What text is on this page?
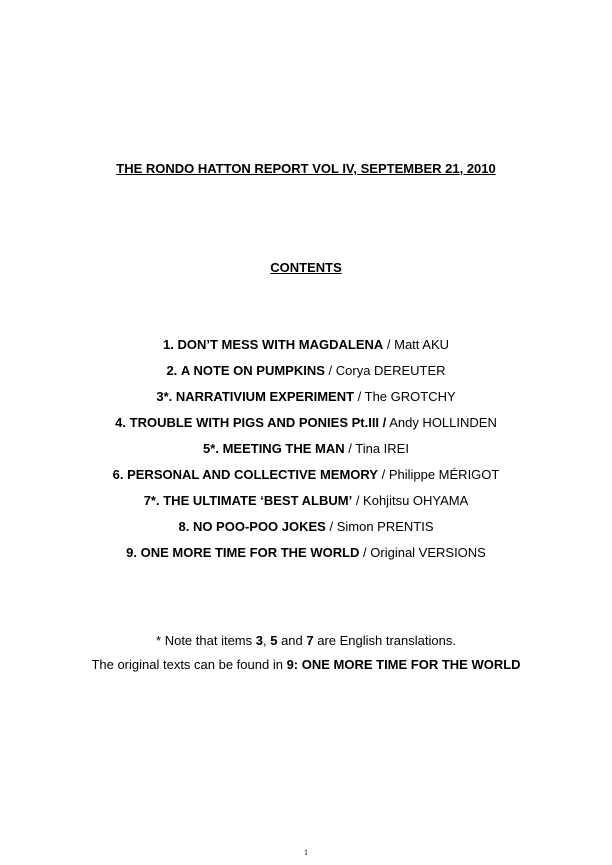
THE RONDO HATTON REPORT VOL IV, SEPTEMBER 21, 2010
CONTENTS
1. DON’T MESS WITH MAGDALENA / Matt AKU
2. A NOTE ON PUMPKINS / Corya DEREUTER
3*. NARRATIVIUM EXPERIMENT / The GROTCHY
4. TROUBLE WITH PIGS AND PONIES Pt.III / Andy HOLLINDEN
5*. MEETING THE MAN / Tina IREI
6. PERSONAL AND COLLECTIVE MEMORY / Philippe MÉRIGOT
7*. THE ULTIMATE ‘BEST ALBUM’ / Kohjitsu OHYAMA
8. NO POO-POO JOKES / Simon PRENTIS
9. ONE MORE TIME FOR THE WORLD / Original VERSIONS
* Note that items 3, 5 and 7 are English translations.
The original texts can be found in 9: ONE MORE TIME FOR THE WORLD
1
